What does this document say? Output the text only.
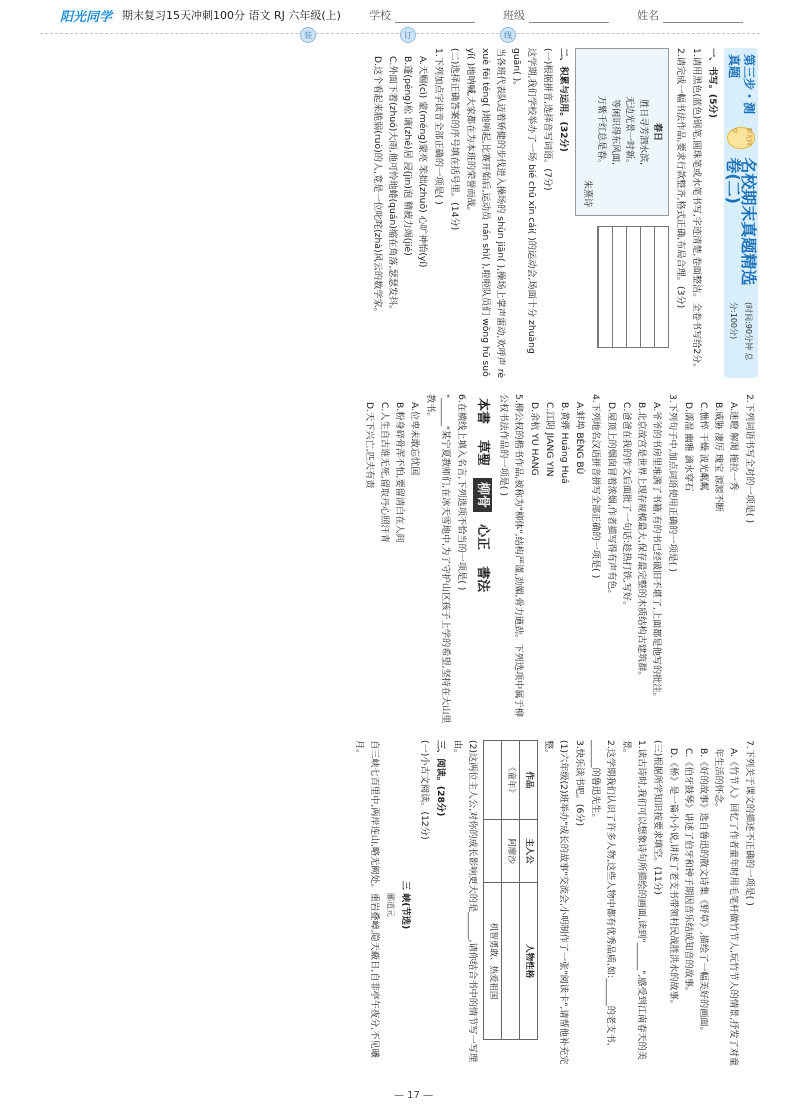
阳光同学 期末复习15天冲刺100分 语文 RJ 六年级(上)	学校	班级	姓名
装	订	线
第三步・测真题
阳光同学
名校期末真题精选卷(二)
(时间:90分钟 总分:100分)
一、书写。(5分)
1.请用黑色(蓝色)钢笔,圆珠笔或水笔书写,字迹清楚,卷面整洁。全卷书写给2分。
2.请完成一幅书法作品,要求行款整齐,格式正确,布局合理。(3分)
春日
胜日寻芳泗水滨,
无边光景一时新。
等闲识得东风面,
万紫千红总是春。
朱熹诗
二、积累与运用。(32分)
(一)根据拼音,选择音写词语。(7分)
这学期,我们学校举办了一场 bié chū xīn cái( )的运动会,场面十分 zhuàng guān( )。
当各班代表队迈着矫健的步伐进入操场的 shùn jiān( ),操场上掌声雷动,欢呼声 rè xuè fèi téng( )地响起,比赛开始后,运动员 nán shì( ),啦啦队员们 wǒng hū suǒ yǐ( )地呐喊,大家都在为本班的荣誉而战。
(二)选择正确答案的序号填在括号里。(14分)
1.下列加点字读音全部正确的一项是( )
A.天赐(cì) 蒙(méng)蒙亮 笨拙(zhuō) 心旷神怡(yí)
B.蓬(péng)松 谪(zhé)居 浸(jìn)泡 精疲力竭(jié)
C.外面下着(zhuó)大雨,他可怜地蜷(quán)缩在角落,瑟瑟发抖。
D.这个看起来脆弱(ruò)的人,竟是一位叱咤(zhà)风云的数学家。
2.下列词语书写全对的一项是( )
A.迷瞪 解渴 拖拉一秀
B.威胁 凄厉 瑰宝 源源不断
C.憔悴 干燥 波光粼粼
D.濡湿 幽雅 滴水穿石
3.下列句子中,加点词语使用正确的一项是( )
A.爷爷的书房里堆满了书籍,有的书已经破旧不堪了,上面都是他写的批注。
B.北京故宫是世界上现存规模最大,保存最完整的木质结构古建筑群。
C.爸爸在我的作文后面批了一句话:趁热打铁,写好。
D.屋顶上的烟囱冒着浓烟,作者描写得有声有色。
4.下列地名汉语拼音拼写全部正确的一项是( )
A.蚌埠 BÈNG BÙ
B.黄骅 Huáng Huá
C.江阴 JIANG YIN
D.余杭 YU HANG
5.柳公权的楷书作品,被称为"柳体",结构严谨,劲媚,骨力遒劲。下列选项中属于柳公权书法作品的一项是( )
本書
草聖
柳骨
心正
書法
6.在横线上填入名言,下列选项不恰当的一项是( )
"______"某宁夏教师们,在冰天雪地中,为了守护山区孩子上学的希望,坚持在大山里教书。
A.位卑未敢忘忧国
B.粉身碎骨浑不怕,要留清白在人间
C.人生自古谁无死,留取丹心照汗青
D.天下兴亡,匹夫有责
7.下列关于课文的描述不正确的一项是( )
A.《竹节人》回忆了作者童年时用毛笔杆做竹节人,玩竹节人的情景,抒发了对童年生活的怀念。
B.《好的故事》选自鲁迅的散文诗集《野草》,描绘了一幅美好的画面。
C.《伯牙鼓琴》讲述了伯牙和钟子期因音乐结成知音的故事。
D.《桥》是一篇小小说,讲述了老支书带领村民战胜洪水的故事。
(三)根据所学知识按要求填空。(11分)
1.读古诗时,我们可以想象诗句所描绘的画面,读到"______",感受到江南春天的美景。
2.这学期我们认识了许多人物,这些人物中都有优秀品质,如:______的老支书、______的鲁迅先生。
3.快乐读书吧。(6分)
(1)六年级(2)班举办"成长的故事"交流会,小明制作了一张"阅读卡",请帮他补充完整。
作品	主人公	人物性格
《童年》	阿廖沙	
		机智勇敢、热爱祖国
(2)这两位主人公,对你的成长影响更大的是______,请你结合书中的情节写一写理由。
三、阅读。(28分)
(一)小古文阅读。(12分)
三 峡(节选)
郦道元
自三峡七百里中,两岸连山,略无阙处。重岩叠嶂,隐天蔽日,自非亭午夜分,不见曦月。
— 17 —
